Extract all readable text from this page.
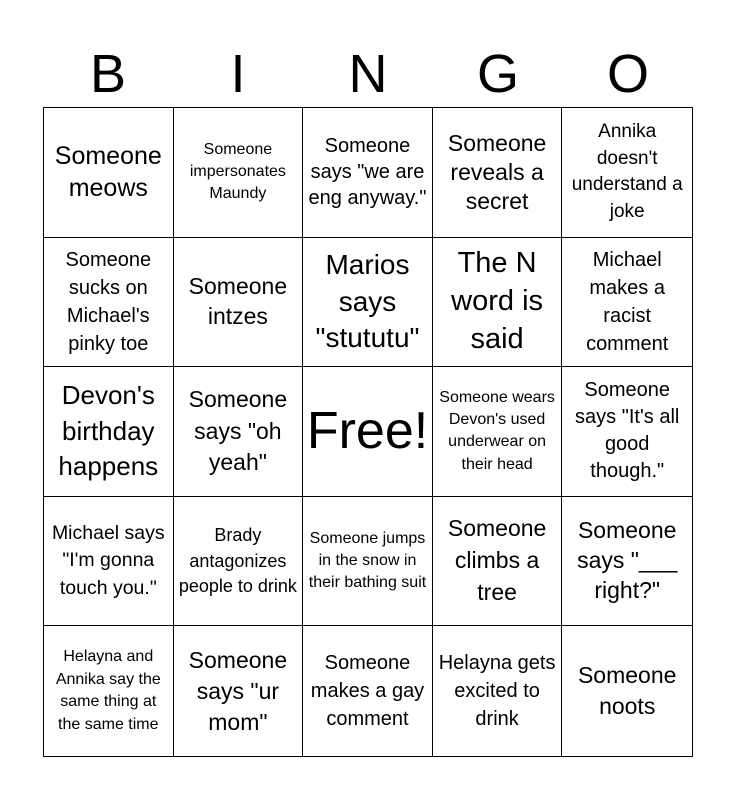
B	I	N	G	O
Someone meows
Someone impersonates Maundy
Someone says "we are eng anyway."
Someone reveals a secret
Annika doesn't understand a joke
Someone sucks on Michael's pinky toe
Someone intzes
Marios says "stututu"
The N word is said
Michael makes a racist comment
Devon's birthday happens
Someone says "oh yeah"
Free!
Someone wears Devon's used underwear on their head
Someone says "It's all good though."
Michael says "I'm gonna touch you."
Brady antagonizes people to drink
Someone jumps in the snow in their bathing suit
Someone climbs a tree
Someone says "___ right?"
Helayna and Annika say the same thing at the same time
Someone says "ur mom"
Someone makes a gay comment
Helayna gets excited to drink
Someone noots
